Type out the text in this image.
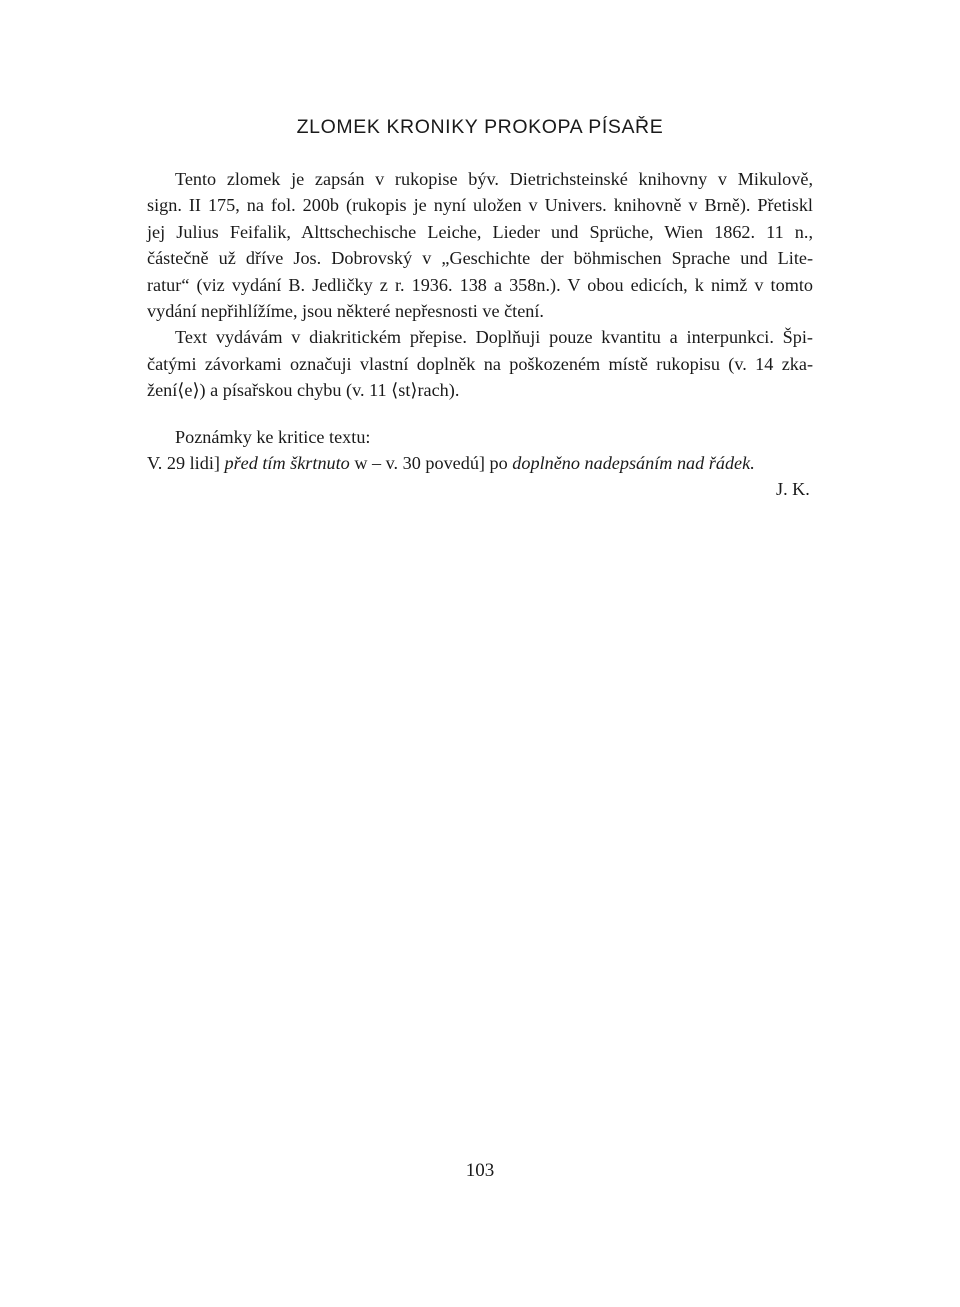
ZLOMEK KRONIKY PROKOPA PÍSAŘE

Tento zlomek je zapsán v rukopise býv. Dietrichsteinské knihovny v Mikulově,
sign. II 175, na fol. 200b (rukopis je nyní uložen v Univers. knihovně v Brně). Přetiskl
jej Julius Feifalik, Alttschechische Leiche, Lieder und Sprüche, Wien 1862. 11 n.,
částečně už dříve Jos. Dobrovský v „Geschichte der böhmischen Sprache und Lite-
ratur“ (viz vydání B. Jedličky z r. 1936. 138 a 358n.). V obou edicích, k nimž v tomto
vydání nepřihlížíme, jsou některé nepřesnosti ve čtení.

Text vydávám v diakritickém přepise. Doplňuji pouze kvantitu a interpunkci. Špi-
čatými závorkami označuji vlastní doplněk na poškozeném místě rukopisu (v. 14 zka-
žení⟨e⟩) a písařskou chybu (v. 11 ⟨st⟩rach).

Poznámky ke kritice textu:

V. 29 lidi] před tím škrtnuto w – v. 30 povedú] po doplněno nadepsáním nad řádek.

J. K.
103
